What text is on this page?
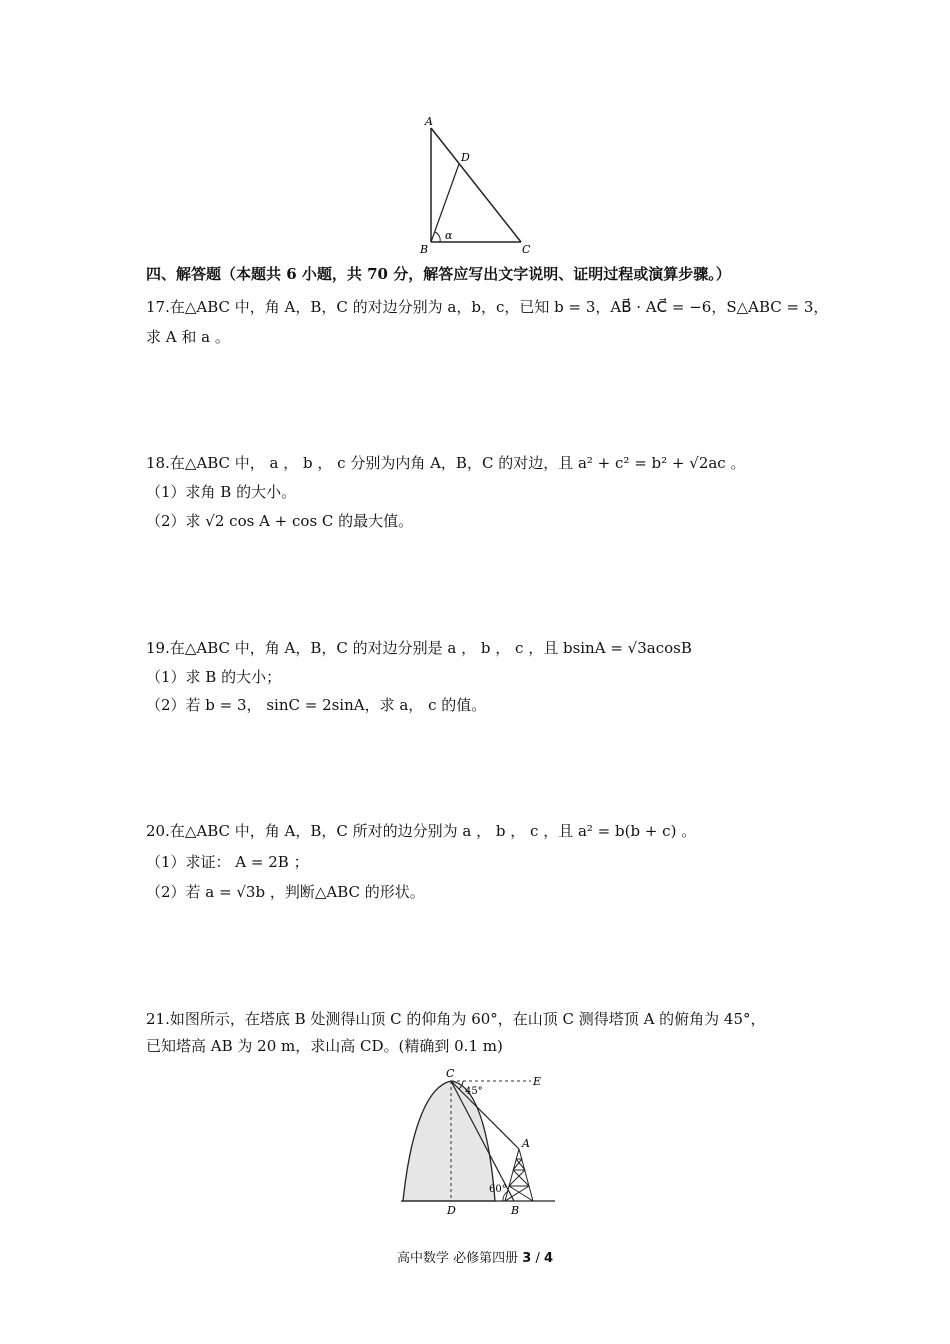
A
D
α
B	C
四、解答题（本题共 6 小题，共 70 分，解答应写出文字说明、证明过程或演算步骤。）
17.在△ABC 中，角 A，B，C 的对边分别为 a，b，c，已知 b = 3，AB⃗ · AC⃗ = −6，S△ABC = 3，
求 A 和 a 。
18.在△ABC 中， a ， b ， c 分别为内角 A，B，C 的对边，且 a² + c² = b² + √2ac 。
（1）求角 B 的大小。
（2）求 √2 cos A + cos C 的最大值。
19.在△ABC 中，角 A，B，C 的对边分别是 a ， b ， c ，且 bsinA = √3acosB
（1）求 B 的大小；
（2）若 b = 3， sinC = 2sinA，求 a， c 的值。
20.在△ABC 中，角 A，B，C 所对的边分别为 a ， b ， c ，且 a² = b(b + c) 。
（1）求证： A = 2B ；
（2）若 a = √3b ，判断△ABC 的形状。
21.如图所示，在塔底 B 处测得山顶 C 的仰角为 60°，在山顶 C 测得塔顶 A 的俯角为 45°，
已知塔高 AB 为 20 m，求山高 CD。(精确到 0.1 m)
C
E
45°
A
60°
D	B
高中数学 必修第四册 3 / 4
